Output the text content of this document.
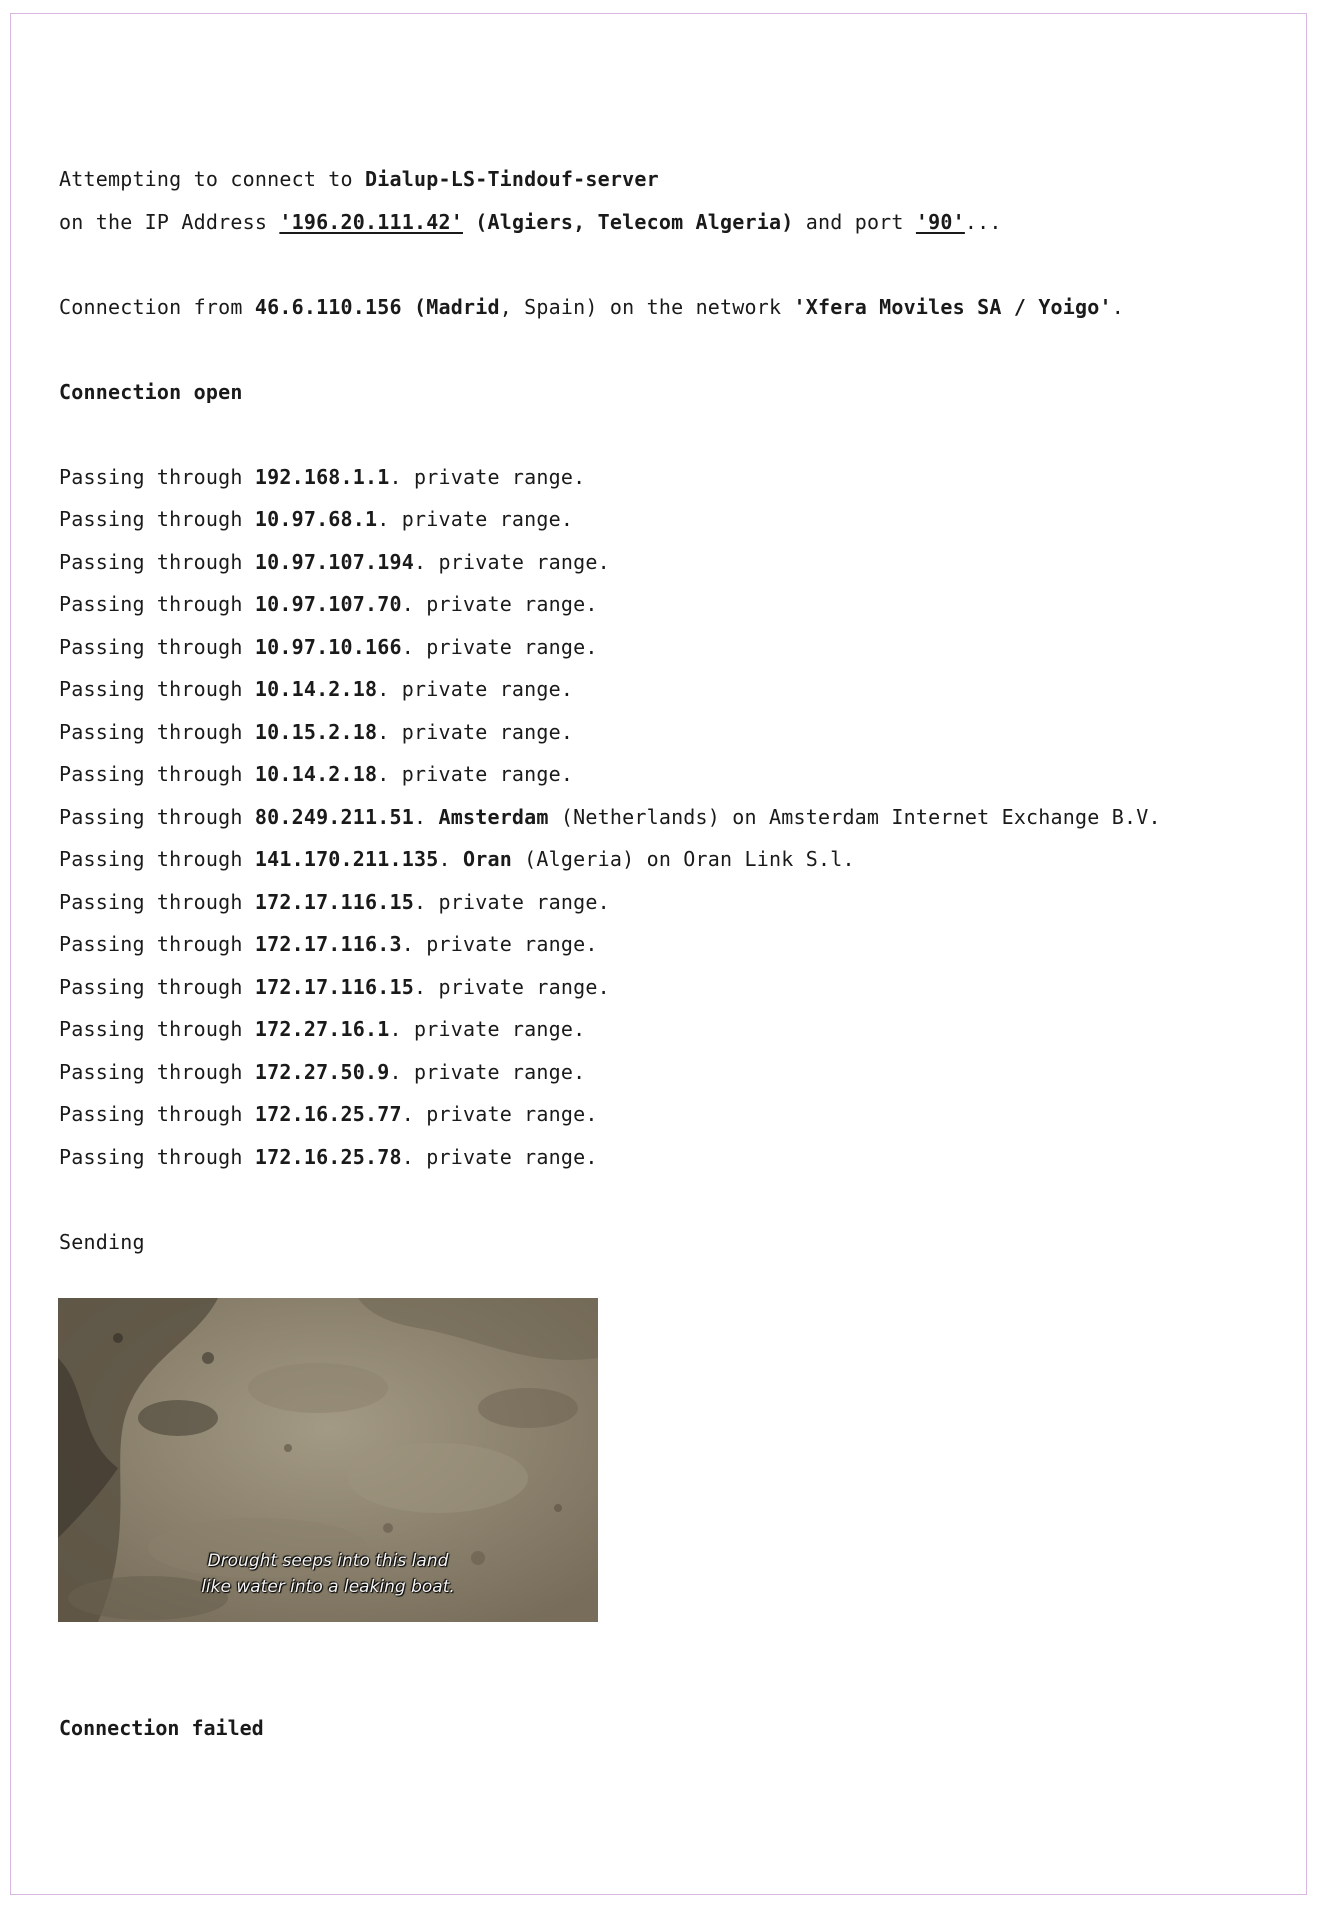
Attempting to connect to Dialup-LS-Tindouf-server
on the IP Address '196.20.111.42' (Algiers, Telecom Algeria) and port '90'...
Connection from 46.6.110.156 (Madrid, Spain) on the network 'Xfera Moviles SA / Yoigo'.
Connection open
Passing through 192.168.1.1. private range.
Passing through 10.97.68.1. private range.
Passing through 10.97.107.194. private range.
Passing through 10.97.107.70. private range.
Passing through 10.97.10.166. private range.
Passing through 10.14.2.18. private range.
Passing through 10.15.2.18. private range.
Passing through 10.14.2.18. private range.
Passing through 80.249.211.51. Amsterdam (Netherlands) on Amsterdam Internet Exchange B.V.
Passing through 141.170.211.135. Oran (Algeria) on Oran Link S.l.
Passing through 172.17.116.15. private range.
Passing through 172.17.116.3. private range.
Passing through 172.17.116.15. private range.
Passing through 172.27.16.1. private range.
Passing through 172.27.50.9. private range.
Passing through 172.16.25.77. private range.
Passing through 172.16.25.78. private range.
Sending
Drought seeps into this land
like water into a leaking boat.
Connection failed
